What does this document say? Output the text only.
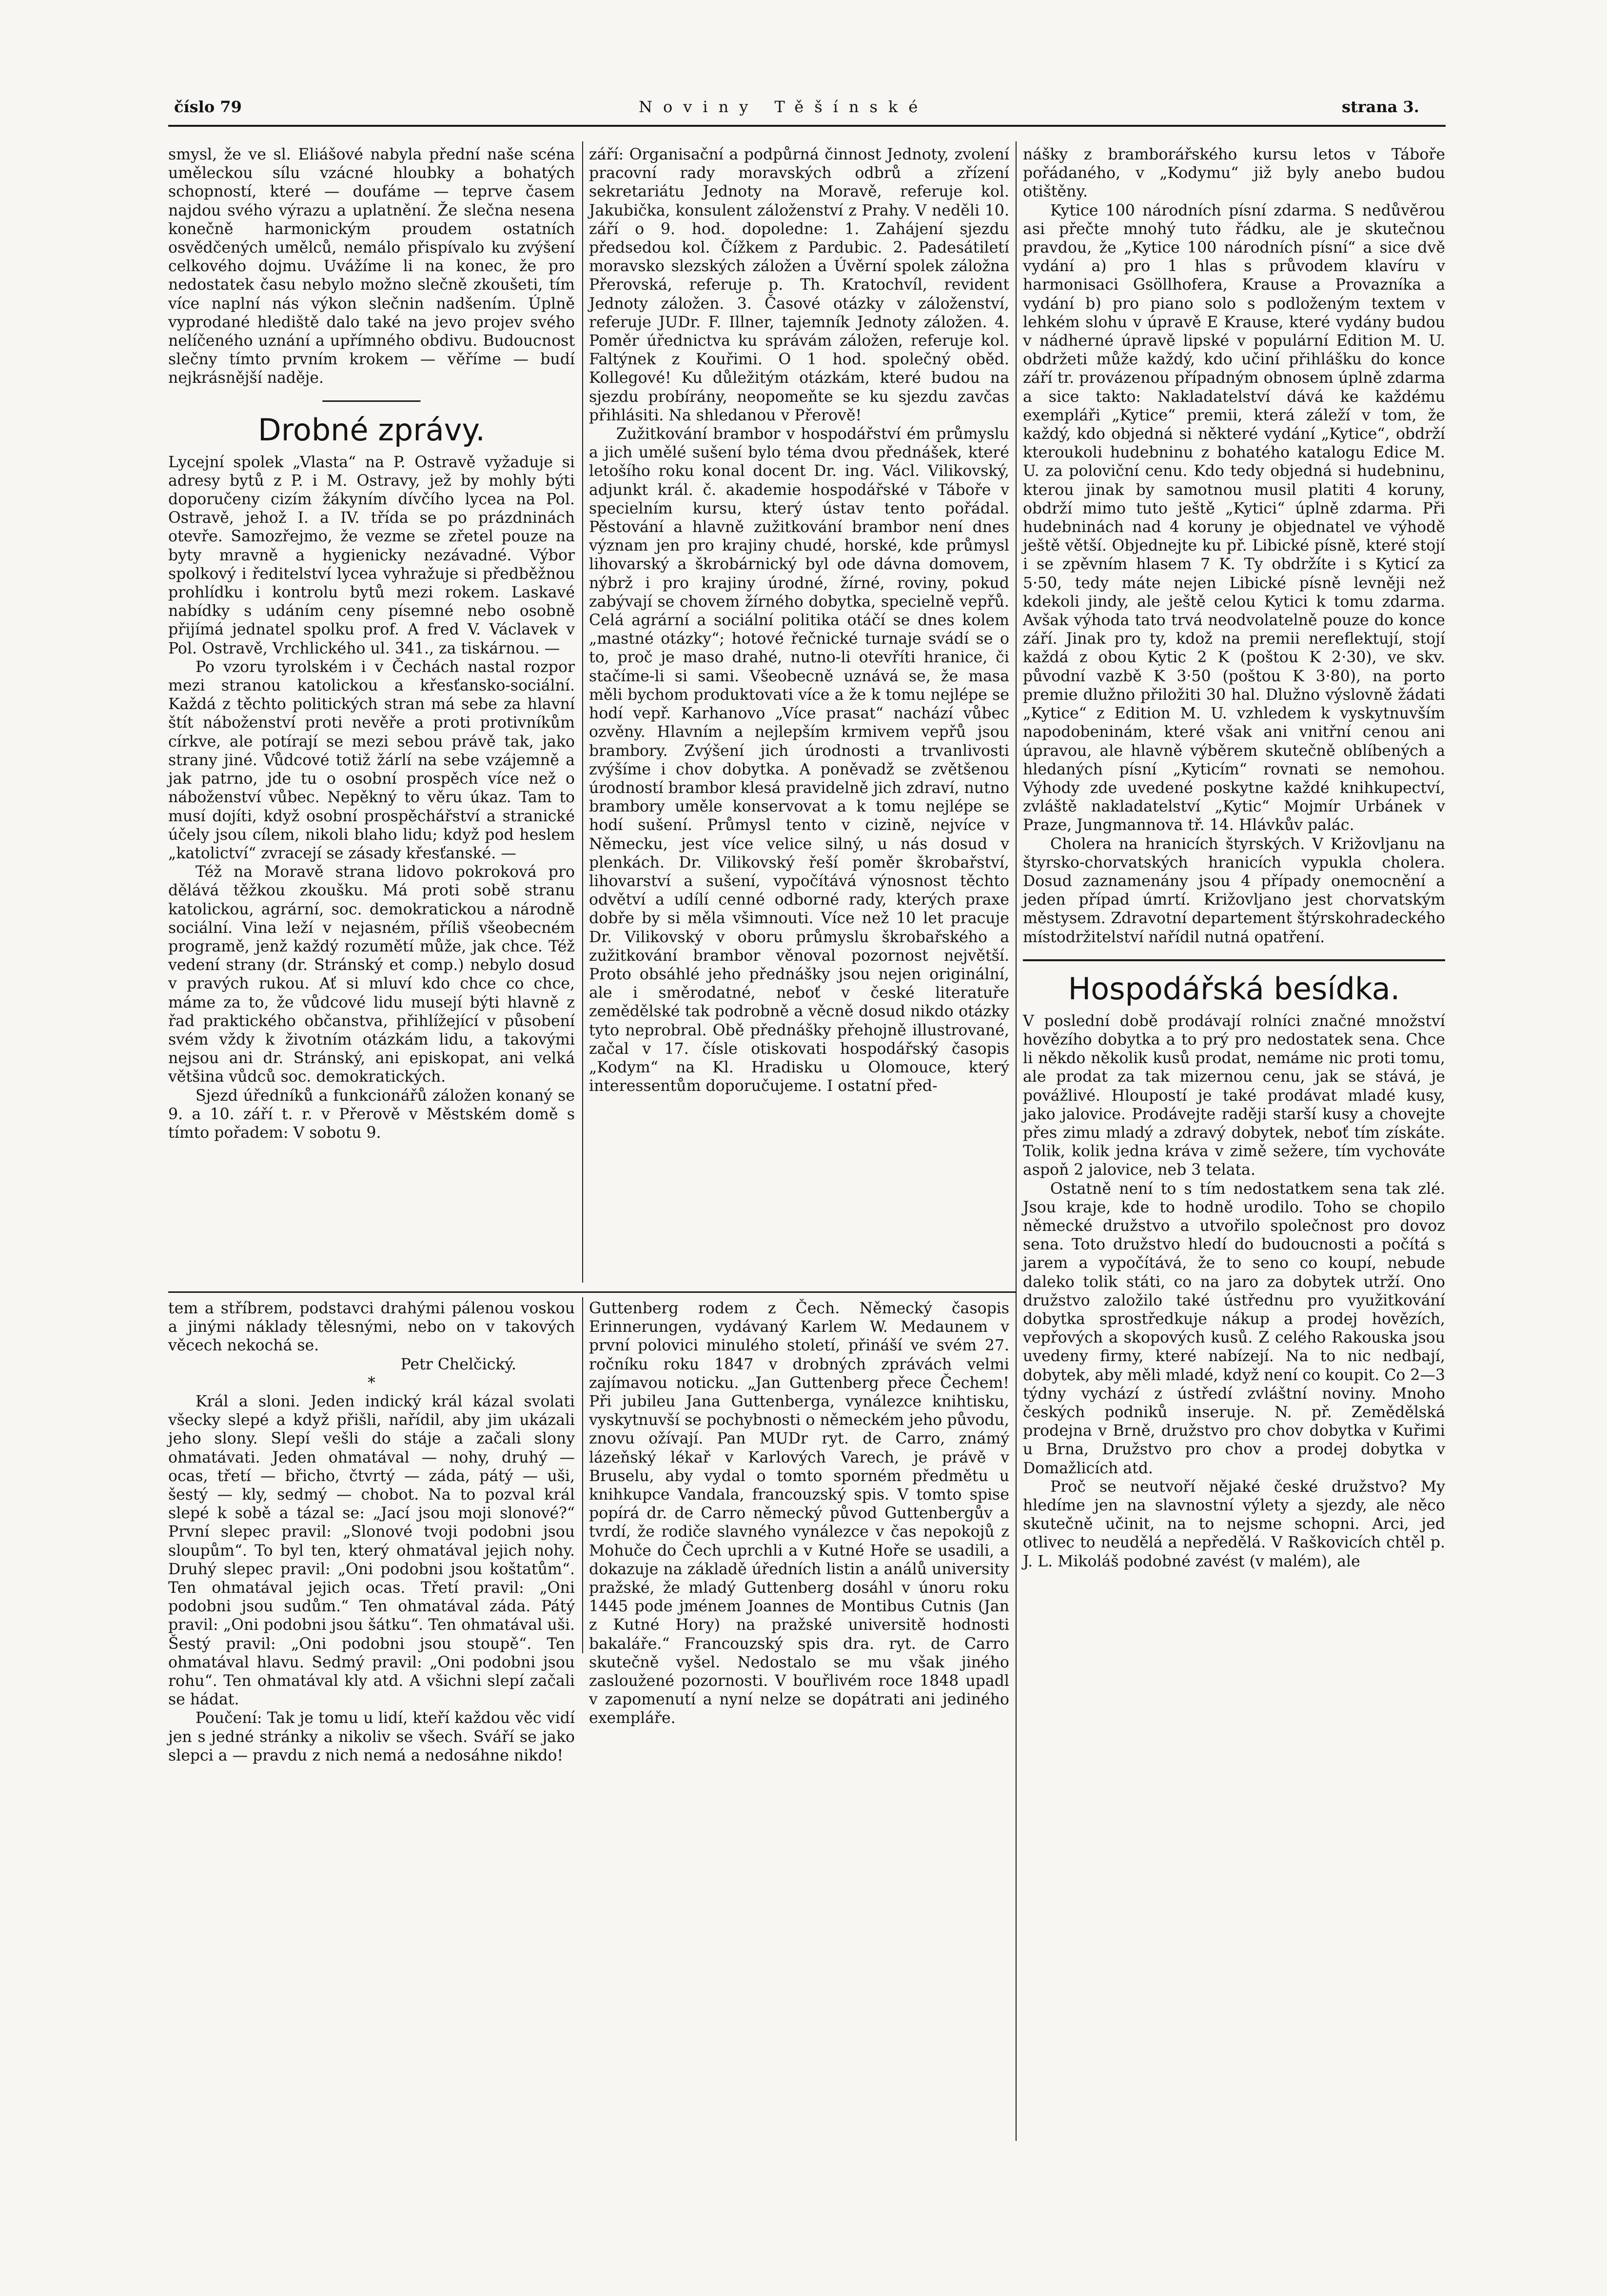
číslo 79	Noviny Těšínské	strana 3.

smysl, že ve sl. Eliášové nabyla přední naše scéna uměleckou sílu vzácné hloubky a bohatých schopností, které — doufáme — teprve časem najdou svého výrazu a uplatnění. Že slečna nesena konečně harmonickým proudem ostatních osvědčených umělců, nemálo přispívalo ku zvýšení celkového dojmu. Uvážíme li na konec, že pro nedostatek času nebylo možno slečně zkoušeti, tím více naplní nás výkon slečnin nadšením. Úplně vyprodané hlediště dalo také na jevo projev svého nelíčeného uznání a upřímného obdivu. Budoucnost slečny tímto prvním krokem — věříme — budí nejkrásnější naděje.

Drobné zprávy.

Lycejní spolek „Vlasta“ na P. Ostravě vyžaduje si adresy bytů z P. i M. Ostravy, jež by mohly býti doporučeny cizím žákyním dívčího lycea na Pol. Ostravě, jehož I. a IV. třída se po prázdninách otevře. Samozřejmo, že vezme se zřetel pouze na byty mravně a hygienicky nezávadné. Výbor spolkový i ředitelství lycea vyhražuje si předběžnou prohlídku i kontrolu bytů mezi rokem. Laskavé nabídky s udáním ceny písemné nebo osobně přijímá jednatel spolku prof. A fred V. Václavek v Pol. Ostravě, Vrchlického ul. 341., za tiskárnou. —

Po vzoru tyrolském i v Čechách nastal rozpor mezi stranou katolickou a křesťansko-sociální. Každá z těchto politických stran má sebe za hlavní štít náboženství proti nevěře a proti protivníkům církve, ale potírají se mezi sebou právě tak, jako strany jiné. Vůdcové totiž žárlí na sebe vzájemně a jak patrno, jde tu o osobní prospěch více než o náboženství vůbec. Nepěkný to věru úkaz. Tam to musí dojíti, když osobní prospěchářství a stranické účely jsou cílem, nikoli blaho lidu; když pod heslem „katolictví“ zvracejí se zásady křesťanské. —

Též na Moravě strana lidovo pokroková pro dělává těžkou zkoušku. Má proti sobě stranu katolickou, agrární, soc. demokratickou a národně sociální. Vina leží v nejasném, příliš všeobecném programě, jenž každý rozumětí může, jak chce. Též vedení strany (dr. Stránský et comp.) nebylo dosud v pravých rukou. Ať si mluví kdo chce co chce, máme za to, že vůdcové lidu musejí býti hlavně z řad praktického občanstva, přihlížející v působení svém vždy k životním otázkám lidu, a takovými nejsou ani dr. Stránský, ani episkopat, ani velká většina vůdců soc. demokratických.

Sjezd úředníků a funkcionářů záložen konaný se 9. a 10. září t. r. v Přerově v Městském domě s tímto pořadem: V sobotu 9.

září: Organisační a podpůrná činnost Jednoty, zvolení pracovní rady moravských odbrů a zřízení sekretariátu Jednoty na Moravě, referuje kol. Jakubička, konsulent záloženství z Prahy. V neděli 10. září o 9. hod. dopoledne: 1. Zahájení sjezdu předsedou kol. Čížkem z Pardubic. 2. Padesátiletí moravsko slezských záložen a Úvěrní spolek záložna Přerovská, referuje p. Th. Kratochvíl, revident Jednoty záložen. 3. Časové otázky v záloženství, referuje JUDr. F. Illner, tajemník Jednoty záložen. 4. Poměr úřednictva ku správám záložen, referuje kol. Faltýnek z Kouřimi. O 1 hod. společný oběd. Kollegové! Ku důležitým otázkám, které budou na sjezdu probírány, neopomeňte se ku sjezdu zavčas přihlásiti. Na shledanou v Přerově!

Zužitkování brambor v hospodářství ém průmyslu a jich umělé sušení bylo téma dvou přednášek, které letošího roku konal docent Dr. ing. Václ. Vilikovský, adjunkt král. č. akademie hospodářské v Táboře v specielním kursu, který ústav tento pořádal. Pěstování a hlavně zužitkování brambor není dnes význam jen pro krajiny chudé, horské, kde průmysl lihovarský a škrobárnický byl ode dávna domovem, nýbrž i pro krajiny úrodné, žírné, roviny, pokud zabývají se chovem žírného dobytka, specielně vepřů. Celá agrární a sociální politika otáčí se dnes kolem „mastné otázky“; hotové řečnické turnaje svádí se o to, proč je maso drahé, nutno-li otevříti hranice, či stačíme-li si sami. Všeobecně uznává se, že masa měli bychom produktovati více a že k tomu nejlépe se hodí vepř. Karhanovo „Více prasat“ nachází vůbec ozvěny. Hlavním a nejlepším krmivem vepřů jsou brambory. Zvýšení jich úrodnosti a trvanlivosti zvýšíme i chov dobytka. A poněvadž se zvětšenou úrodností brambor klesá pravidelně jich zdraví, nutno brambory uměle konservovat a k tomu nejlépe se hodí sušení. Průmysl tento v cizině, nejvíce v Německu, jest více velice silný, u nás dosud v plenkách. Dr. Vilikovský řeší poměr škrobařství, lihovarství a sušení, vypočítává výnosnost těchto odvětví a udílí cenné odborné rady, kterých praxe dobře by si měla všimnouti. Více než 10 let pracuje Dr. Vilikovský v oboru průmyslu škrobařského a zužitkování brambor věnoval pozornost největší. Proto obsáhlé jeho přednášky jsou nejen originální, ale i směrodatné, neboť v české literatuře zemědělské tak podrobně a věcně dosud nikdo otázky tyto neprobral. Obě přednášky přehojně illustrované, začal v 17. čísle otiskovati hospodářský časopis „Kodym“ na Kl. Hradisku u Olomouce, který interessentům doporučujeme. I ostatní před-

nášky z bramborářského kursu letos v Táboře pořádaného, v „Kodymu“ již byly anebo budou otištěny.

Kytice 100 národních písní zdarma. S nedůvěrou asi přečte mnohý tuto řádku, ale je skutečnou pravdou, že „Kytice 100 národních písní“ a sice dvě vydání a) pro 1 hlas s průvodem klavíru v harmonisaci Gsöllhofera, Krause a Provazníka a vydání b) pro piano solo s podloženým textem v lehkém slohu v úpravě E Krause, které vydány budou v nádherné úpravě lipské v populární Edition M. U. obdržeti může každý, kdo učiní přihlášku do konce září tr. provázenou případným obnosem úplně zdarma a sice takto: Nakladatelství dává ke každému exempláři „Kytice“ premii, která záleží v tom, že každý, kdo objedná si některé vydání „Kytice“, obdrží kteroukoli hudebninu z bohatého katalogu Edice M. U. za poloviční cenu. Kdo tedy objedná si hudebninu, kterou jinak by samotnou musil platiti 4 koruny, obdrží mimo tuto ještě „Kytici“ úplně zdarma. Při hudebninách nad 4 koruny je objednatel ve výhodě ještě větší. Objednejte ku př. Libické písně, které stojí i se zpěvním hlasem 7 K. Ty obdržíte i s Kyticí za 5·50, tedy máte nejen Libické písně levněji než kdekoli jindy, ale ještě celou Kytici k tomu zdarma. Avšak výhoda tato trvá neodvolatelně pouze do konce září. Jinak pro ty, kdož na premii nereflektují, stojí každá z obou Kytic 2 K (poštou K 2·30), ve skv. původní vazbě K 3·50 (poštou K 3·80), na porto premie dlužno přiložiti 30 hal. Dlužno výslovně žádati „Kytice“ z Edition M. U. vzhledem k vyskytnuvším napodobeninám, které však ani vnitřní cenou ani úpravou, ale hlavně výběrem skutečně oblíbených a hledaných písní „Kyticím“ rovnati se nemohou. Výhody zde uvedené poskytne každé knihkupectví, zvláště nakladatelství „Kytic“ Mojmír Urbánek v Praze, Jungmannova tř. 14. Hlávkův palác.

Cholera na hranicích štyrských. V Križovljanu na štyrsko-chorvatských hranicích vypukla cholera. Dosud zaznamenány jsou 4 případy onemocnění a jeden případ úmrtí. Križovljano jest chorvatským městysem. Zdravotní departement štýrskohradeckého místodržitelství nařídil nutná opatření.

Hospodářská besídka.

V poslední době prodávají rolníci značné množství hovězího dobytka a to prý pro nedostatek sena. Chce li někdo několik kusů prodat, nemáme nic proti tomu, ale prodat za tak mizernou cenu, jak se stává, je povážlivé. Hloupostí je také prodávat mladé kusy, jako jalovice. Prodávejte raději starší kusy a chovejte přes zimu mladý a zdravý dobytek, neboť tím získáte. Tolik, kolik jedna kráva v zimě sežere, tím vychováte aspoň 2 jalovice, neb 3 telata.

Ostatně není to s tím nedostatkem sena tak zlé. Jsou kraje, kde to hodně urodilo. Toho se chopilo německé družstvo a utvořilo společnost pro dovoz sena. Toto družstvo hledí do budoucnosti a počítá s jarem a vypočítává, že to seno co koupí, nebude daleko tolik státi, co na jaro za dobytek utrží. Ono družstvo založilo také ústřednu pro využitkování dobytka sprostředkuje nákup a prodej hovězích, vepřových a skopových kusů. Z celého Rakouska jsou uvedeny firmy, které nabízejí. Na to nic nedbají, dobytek, aby měli mladé, když není co koupit. Co 2—3 týdny vychází z ústředí zvláštní noviny. Mnoho českých podniků inseruje. N. př. Zemědělská prodejna v Brně, družstvo pro chov dobytka v Kuřimi u Brna, Družstvo pro chov a prodej dobytka v Domažlicích atd.

Proč se neutvoří nějaké české družstvo? My hledíme jen na slavnostní výlety a sjezdy, ale něco skutečně učinit, na to nejsme schopni. Arci, jed otlivec to neudělá a nepředělá. V Raškovicích chtěl p. J. L. Mikoláš podobné zavést (v malém), ale

tem a stříbrem, podstavci drahými pálenou voskou a jinými náklady tělesnými, nebo on v takových věcech nekochá se.

Petr Chelčický.

*

Král a sloni. Jeden indický král kázal svolati všecky slepé a když přišli, nařídil, aby jim ukázali jeho slony. Slepí vešli do stáje a začali slony ohmatávati. Jeden ohmatával — nohy, druhý — ocas, třetí — břicho, čtvrtý — záda, pátý — uši, šestý — kly, sedmý — chobot. Na to pozval král slepé k sobě a tázal se: „Jací jsou moji slonové?“ První slepec pravil: „Slonové tvoji podobni jsou sloupům“. To byl ten, který ohmatával jejich nohy. Druhý slepec pravil: „Oni podobni jsou koštatům“. Ten ohmatával jejich ocas. Třetí pravil: „Oni podobni jsou sudům.“ Ten ohmatával záda. Pátý pravil: „Oni podobni jsou šátku“. Ten ohmatával uši. Šestý pravil: „Oni podobni jsou stoupě“. Ten ohmatával hlavu. Sedmý pravil: „Oni podobni jsou rohu“. Ten ohmatával kly atd. A všichni slepí začali se hádat.

Poučení: Tak je tomu u lidí, kteří každou věc vidí jen s jedné stránky a nikoliv se všech. Sváří se jako slepci a — pravdu z nich nemá a nedosáhne nikdo!

Guttenberg rodem z Čech. Německý časopis Erinnerungen, vydávaný Karlem W. Medaunem v první polovici minulého století, přináší ve svém 27. ročníku roku 1847 v drobných zprávách velmi zajímavou noticku. „Jan Guttenberg přece Čechem! Při jubileu Jana Guttenberga, vynálezce knihtisku, vyskytnuvší se pochybnosti o německém jeho původu, znovu ožívají. Pan MUDr ryt. de Carro, známý lázeňský lékař v Karlových Varech, je právě v Bruselu, aby vydal o tomto sporném předmětu u knihkupce Vandala, francouzský spis. V tomto spise popírá dr. de Carro německý původ Guttenbergův a tvrdí, že rodiče slavného vynálezce v čas nepokojů z Mohuče do Čech uprchli a v Kutné Hoře se usadili, a dokazuje na základě úředních listin a análů university pražské, že mladý Guttenberg dosáhl v únoru roku 1445 pode jménem Joannes de Montibus Cutnis (Jan z Kutné Hory) na pražské universitě hodnosti bakaláře.“ Francouzský spis dra. ryt. de Carro skutečně vyšel. Nedostalo se mu však jiného zasloužené pozornosti. V bouřlivém roce 1848 upadl v zapomenutí a nyní nelze se dopátrati ani jediného exempláře.
